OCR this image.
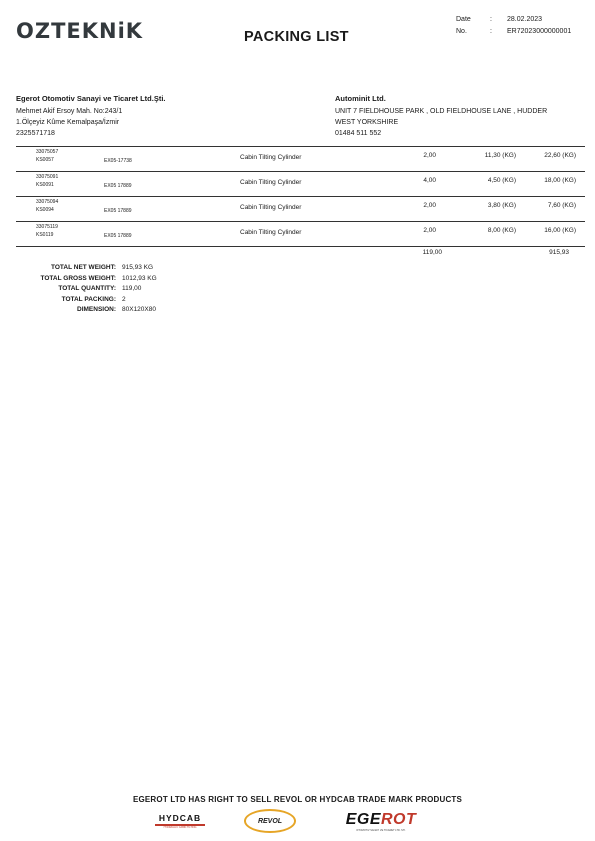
OZTEKNiK	PACKING LIST
Date	: 28.02.2023
No.	: ER72023000000001
Egerot Otomotiv Sanayi ve Ticaret Ltd.Şti.
Mehmet Akif Ersoy Mah. No:243/1
1.Ölçeyiz Kûme Kemalpaşa/İzmir
2325571718
Autominit Ltd.
UNIT 7 FIELDHOUSE PARK , OLD FIELDHOUSE LANE , HUDDER
WEST YORKSHIRE
01484 511 552
33075057
KS0057	EX05-17738	Cabin Tilting Cylinder	2,00	11,30 (KG)	22,60 (KG)
33075091
KS0091	EX05 17889	Cabin Tilting Cylinder	4,00	4,50 (KG)	18,00 (KG)
33075094
KS0094	EX05 17889	Cabin Tilting Cylinder	2,00	3,80 (KG)	7,60 (KG)
33075119
KS0119	EX05 17889	Cabin Tilting Cylinder	2,00	8,00 (KG)	16,00 (KG)
119,00	915,93
TOTAL NET WEIGHT: 915,93 KG
TOTAL GROSS WEIGHT: 1012,93 KG
TOTAL QUANTITY: 119,00
TOTAL PACKING: 2
DIMENSION: 80X120X80
EGEROT LTD HAS RIGHT TO SELL REVOL OR HYDCAB TRADE MARK PRODUCTS
HYDCAB
HYDRAULIC CABIN TILTING
REVOL	EGEROT
OTOMOTIV SANAYI VE TICARET LTD. STI.
